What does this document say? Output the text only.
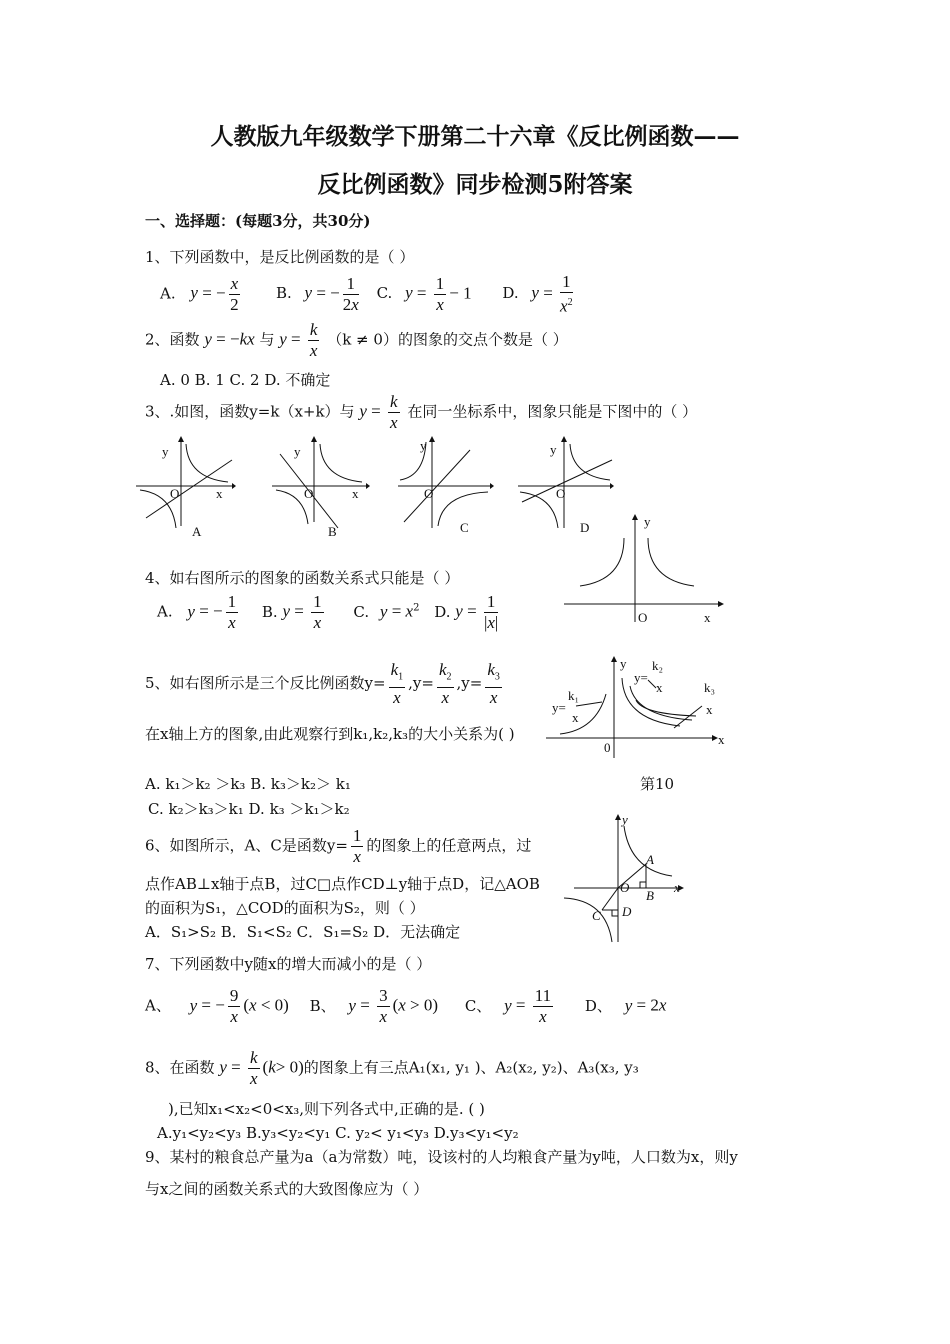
人教版九年级数学下册第二十六章《反比例函数——
反比例函数》同步检测5附答案
一、选择题：(每题3分，共30分)
1、下列函数中，是反比例函数的是（ ）
A. y = − $\frac{x}{2} B$. y = − $\frac{1}{2x} C$. $y = \frac{1}{x} - 1$ D. $y = \frac{1}{x^2}$
2、函数 y = −kx 与 $y = \frac{k}{x} (k \ne 0)$的图象的交点个数是（ ）
A. 0 B. 1 C. 2 D. 不确定
3、.如图，函数y=k（x+k）与 $y = \frac{k}{x}$ 在同一坐标系中，图象只能是下图中的（ ）
y
O	x
A
y
O	x
B
y
O
C
y
O
D
4、如右图所示的图象的函数关系式只能是（ ）
A. y = − $\frac{1}{x} B$. $y = \frac{1}{x} C$. $y = x^2$ D. $y = \frac{1}{|x|}$
y
O	x
5、如右图所示是三个反比例函数$y= \frac{k_1}{x} ,y= \frac{k_2}{x} ,y= \frac{k_3}{x}$
在x轴上方的图象,由此观察行到k₁,k₂,k₃的大小关系为( )
A. k₁＞k₂ ＞k₃ B. k₃＞k₂＞ k₁
C. k₂＞k₃＞k₁ D. k₃ ＞k₁＞k₂
y
x
0
y=
k₁
x
y=
k₂
x	k₃
x
第10
6、如图所示，A、C是函数$y= \frac{1}{x}$ 的图象上的任意两点，过
点作AB⊥x轴于点B，过C□点作CD⊥y轴于点D，记△AOB
的面积为S₁，△COD的面积为S₂，则（ ）
A．S₁>S₂ B．S₁<S₂ C．S₁=S₂ D．无法确定
y
A
O
B
x
C D
7、下列函数中y随x的增大而减小的是（ ）
A、 y = − $\frac{9}{x} (x < 0)$ B、 $y = \frac{3}{x} (x > 0)$ C、 $y = \frac{11}{x}$ D、 y = 2x
8、在函数 $y = \frac{k}{x} (k> 0)$的图象上有三点A₁(x₁, y₁ )、A₂(x₂, y₂)、A₃(x₃, y₃
),已知x₁<x₂<0<x₃,则下列各式中,正确的是. ( )
A.y₁<y₂<y₃ B.y₃<y₂<y₁ C. y₂< y₁<y₃ D.y₃<y₁<y₂
9、某村的粮食总产量为a（a为常数）吨，设该村的人均粮食产量为y吨，人口数为x，则y
与x之间的函数关系式的大致图像应为（ ）
